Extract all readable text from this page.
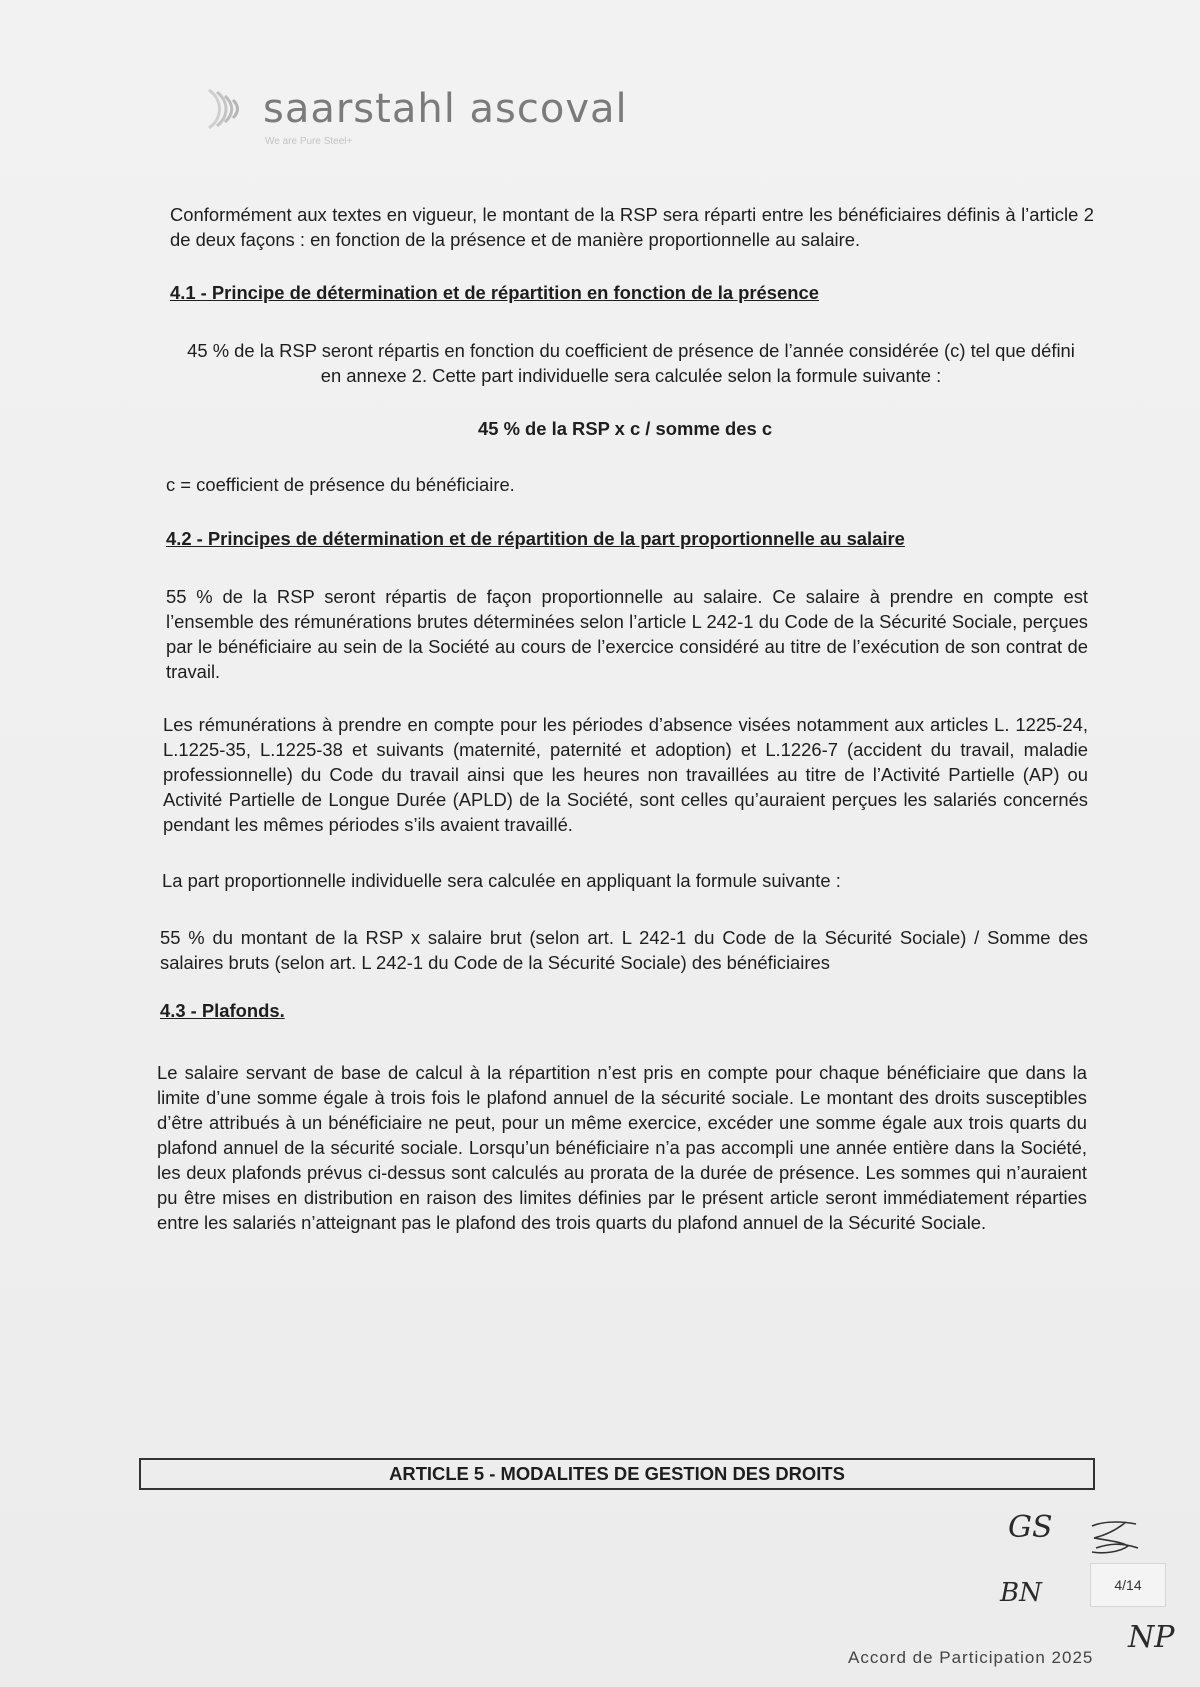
saarstahl ascoval
We are Pure Steel+
Conformément aux textes en vigueur, le montant de la RSP sera réparti entre les bénéficiaires définis à l’article 2 de deux façons : en fonction de la présence et de manière proportionnelle au salaire.
4.1 - Principe de détermination et de répartition en fonction de la présence
45 % de la RSP seront répartis en fonction du coefficient de présence de l’année considérée (c) tel que défini en annexe 2. Cette part individuelle sera calculée selon la formule suivante :
45 % de la RSP x c / somme des c
c = coefficient de présence du bénéficiaire.
4.2 - Principes de détermination et de répartition de la part proportionnelle au salaire
55 % de la RSP seront répartis de façon proportionnelle au salaire. Ce salaire à prendre en compte est l’ensemble des rémunérations brutes déterminées selon l’article L 242-1 du Code de la Sécurité Sociale, perçues par le bénéficiaire au sein de la Société au cours de l’exercice considéré au titre de l’exécution de son contrat de travail.
Les rémunérations à prendre en compte pour les périodes d’absence visées notamment aux articles L. 1225-24, L.1225-35, L.1225-38 et suivants (maternité, paternité et adoption) et L.1226-7 (accident du travail, maladie professionnelle) du Code du travail ainsi que les heures non travaillées au titre de l’Activité Partielle (AP) ou Activité Partielle de Longue Durée (APLD) de la Société, sont celles qu’auraient perçues les salariés concernés pendant les mêmes périodes s’ils avaient travaillé.
La part proportionnelle individuelle sera calculée en appliquant la formule suivante :
55 % du montant de la RSP x salaire brut (selon art. L 242-1 du Code de la Sécurité Sociale) / Somme des salaires bruts (selon art. L 242-1 du Code de la Sécurité Sociale) des bénéficiaires
4.3 - Plafonds.
Le salaire servant de base de calcul à la répartition n’est pris en compte pour chaque bénéficiaire que dans la limite d’une somme égale à trois fois le plafond annuel de la sécurité sociale. Le montant des droits susceptibles d’être attribués à un bénéficiaire ne peut, pour un même exercice, excéder une somme égale aux trois quarts du plafond annuel de la sécurité sociale. Lorsqu’un bénéficiaire n’a pas accompli une année entière dans la Société, les deux plafonds prévus ci-dessus sont calculés au prorata de la durée de présence. Les sommes qui n’auraient pu être mises en distribution en raison des limites définies par le présent article seront immédiatement réparties entre les salariés n’atteignant pas le plafond des trois quarts du plafond annuel de la Sécurité Sociale.
ARTICLE 5 - MODALITES DE GESTION DES DROITS
GS
BN	4/14
NP
Accord de Participation 2025
